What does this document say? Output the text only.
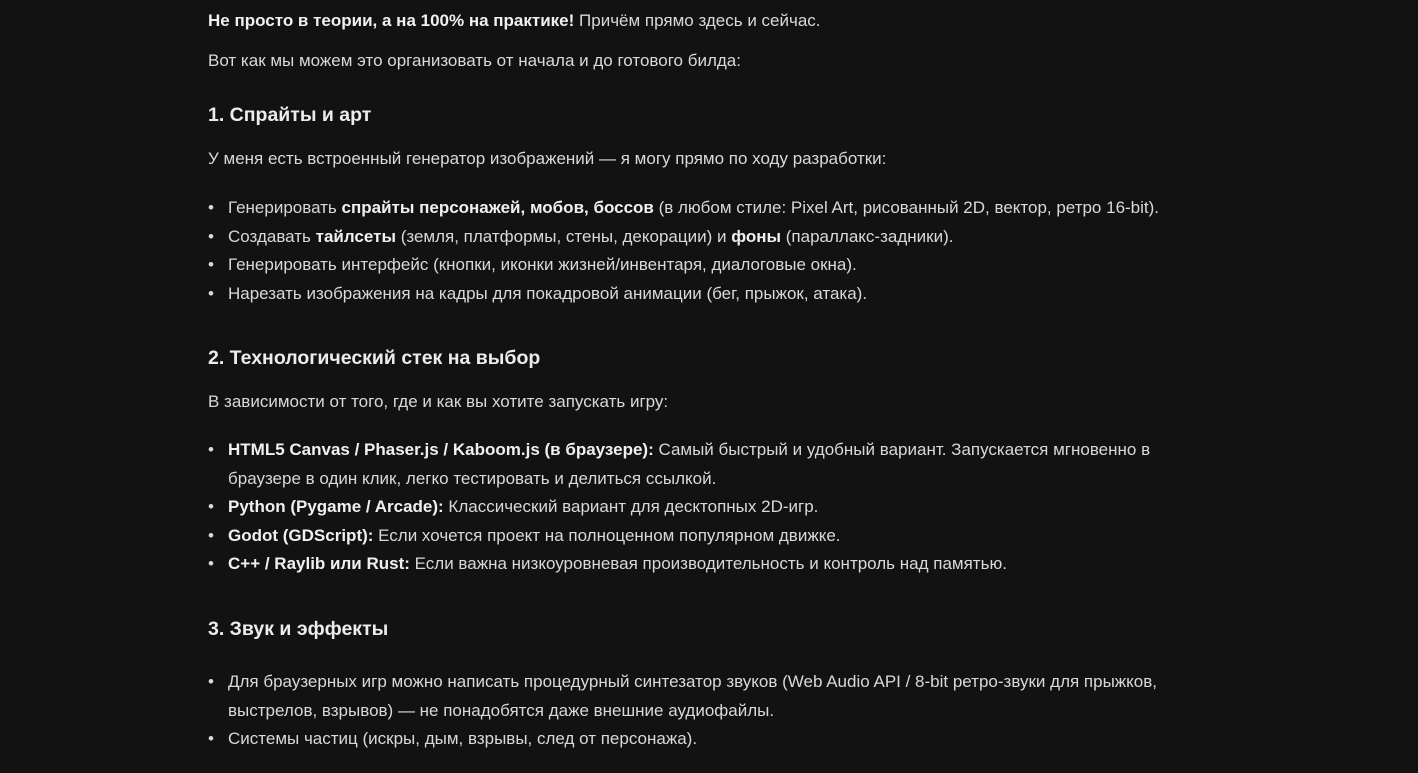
Не просто в теории, а на 100% на практике! Причём прямо здесь и сейчас.

Вот как мы можем это организовать от начала и до готового билда:

1. Спрайты и арт

У меня есть встроенный генератор изображений — я могу прямо по ходу разработки:

• Генерировать спрайты персонажей, мобов, боссов (в любом стиле: Pixel Art, рисованный 2D, вектор, ретро 16-bit).
• Создавать тайлсеты (земля, платформы, стены, декорации) и фоны (параллакс-задники).
• Генерировать интерфейс (кнопки, иконки жизней/инвентаря, диалоговые окна).
• Нарезать изображения на кадры для покадровой анимации (бег, прыжок, атака).
2. Технологический стек на выбор

В зависимости от того, где и как вы хотите запускать игру:

• HTML5 Canvas / Phaser.js / Kaboom.js (в браузере): Самый быстрый и удобный вариант. Запускается мгновенно в
браузере в один клик, легко тестировать и делиться ссылкой.
• Python (Pygame / Arcade): Классический вариант для десктопных 2D-игр.
• Godot (GDScript): Если хочется проект на полноценном популярном движке.
• C++ / Raylib или Rust: Если важна низкоуровневая производительность и контроль над памятью.
3. Звук и эффекты
• Для браузерных игр можно написать процедурный синтезатор звуков (Web Audio API / 8-bit ретро-звуки для прыжков,
выстрелов, взрывов) — не понадобятся даже внешние аудиофайлы.
• Системы частиц (искры, дым, взрывы, след от персонажа).
